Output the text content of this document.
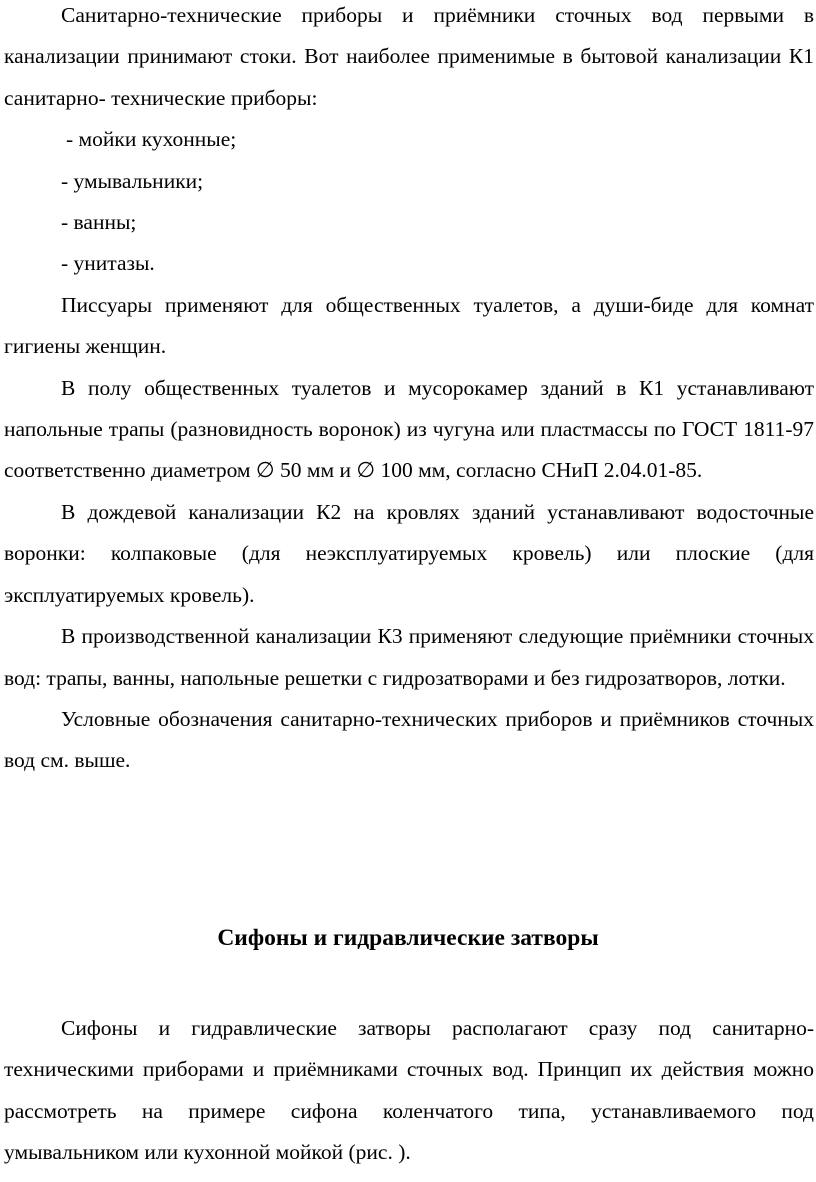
Санитарно-технические приборы и приёмники сточных вод первыми в канализации принимают стоки. Вот наиболее применимые в бытовой канализации К1 санитарно- технические приборы:

- мойки кухонные;

- умывальники;

- ванны;

- унитазы.

Писсуары применяют для общественных туалетов, а души-биде для комнат гигиены женщин.

В полу общественных туалетов и мусорокамер зданий в К1 устанавливают напольные трапы (разновидность воронок) из чугуна или пластмассы по ГОСТ 1811-97 соответственно диаметром ∅ 50 мм и ∅ 100 мм, согласно СНиП 2.04.01-85.

В дождевой канализации К2 на кровлях зданий устанавливают водосточные воронки: колпаковые (для неэксплуатируемых кровель) или плоские (для эксплуатируемых кровель).

В производственной канализации К3 применяют следующие приёмники сточных вод: трапы, ванны, напольные решетки с гидрозатворами и без гидрозатворов, лотки.

Условные обозначения санитарно-технических приборов и приёмников сточных вод см. выше.

Сифоны и гидравлические затворы

Сифоны и гидравлические затворы располагают сразу под санитарно-техническими приборами и приёмниками сточных вод. Принцип их действия можно рассмотреть на примере сифона коленчатого типа, устанавливаемого под умывальником или кухонной мойкой (рис. ).
